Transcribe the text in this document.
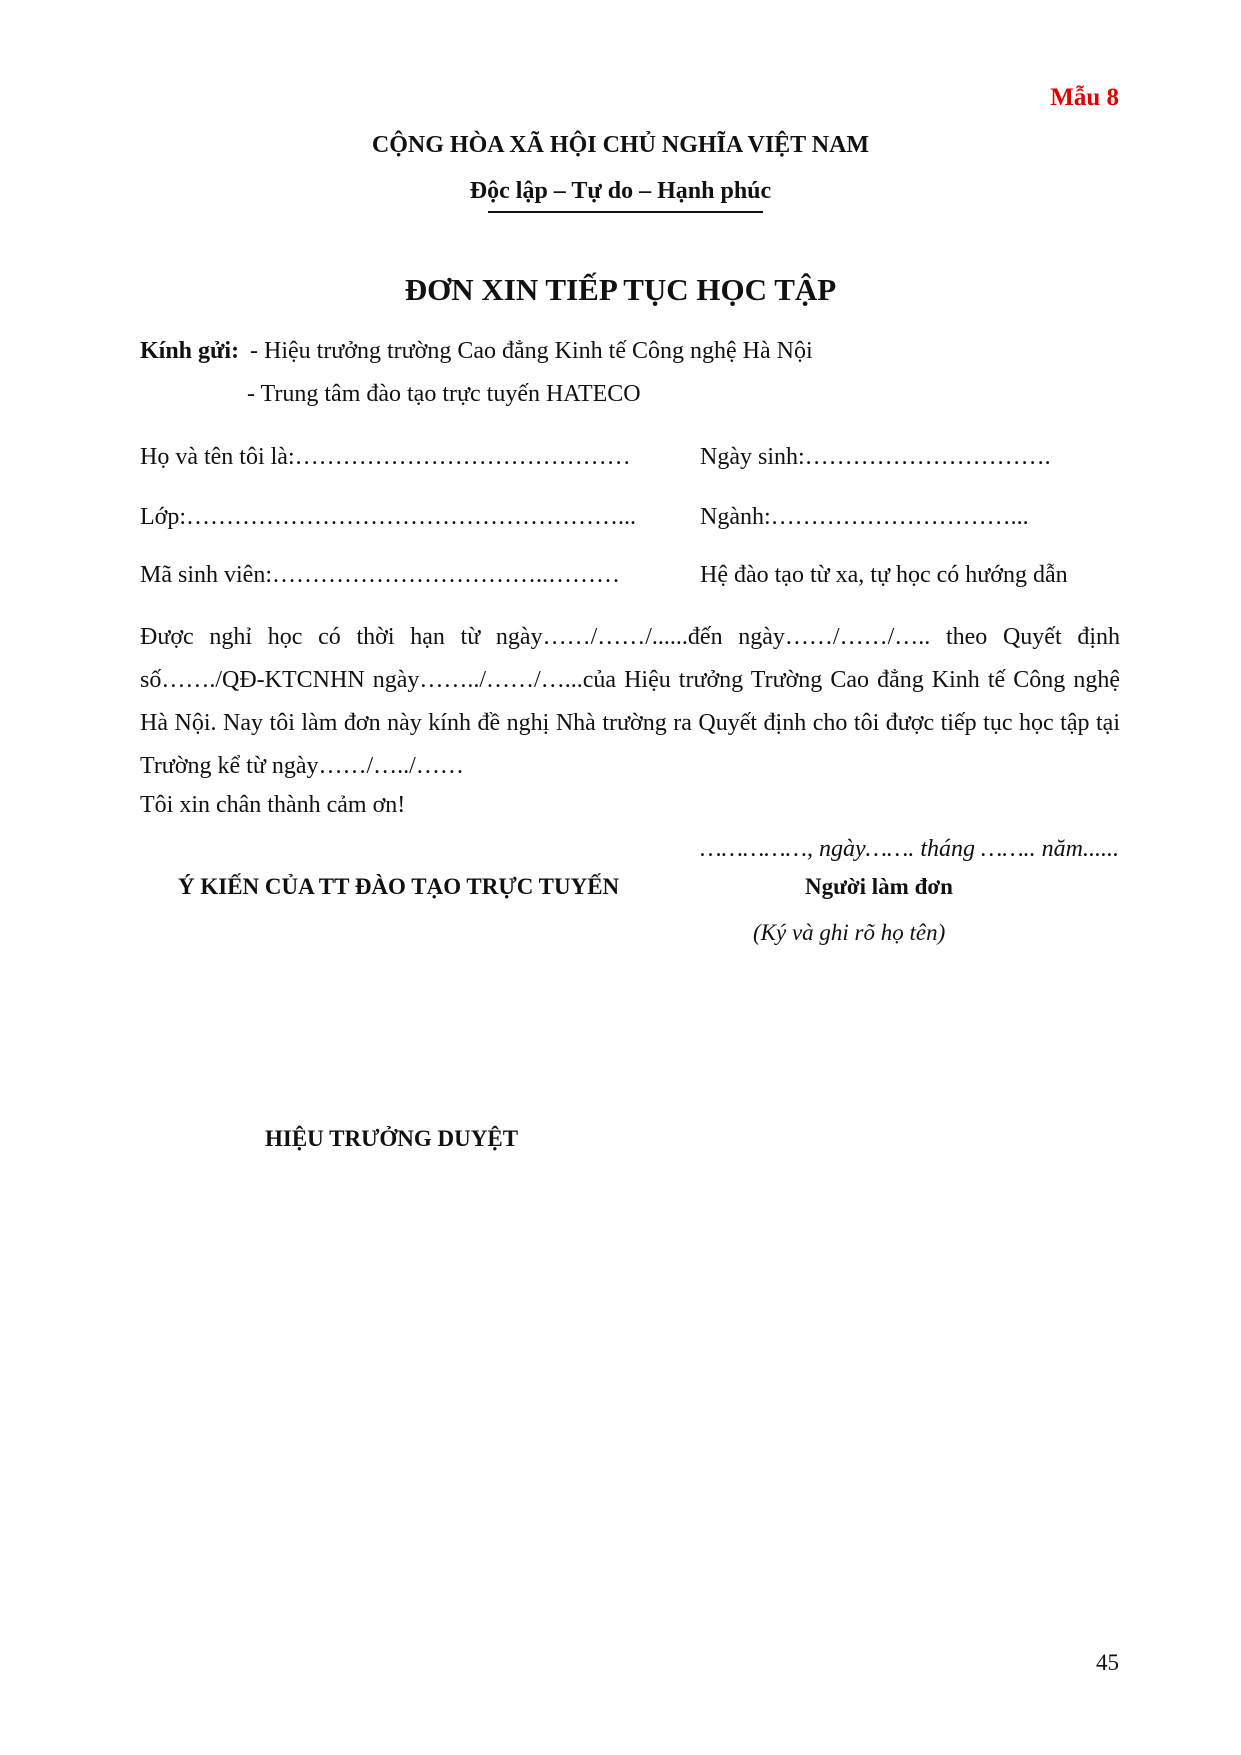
Mẫu 8
CỘNG HÒA XÃ HỘI CHỦ NGHĨA VIỆT NAM
Độc lập – Tự do – Hạnh phúc
ĐƠN XIN TIẾP TỤC HỌC TẬP
Kính gửi: - Hiệu trưởng trường Cao đẳng Kinh tế Công nghệ Hà Nội
- Trung tâm đào tạo trực tuyến HATECO
Họ và tên tôi là:……………………………………	Ngày sinh:………………………….
Lớp:………………………………………………...	Ngành:…………………………...
Mã sinh viên:……………………………..………	Hệ đào tạo từ xa, tự học có hướng dẫn
Được nghỉ học có thời hạn từ ngày……/……/......đến ngày……/……/….. theo Quyết định số……./QĐ-KTCNHN ngày……../……/…...của Hiệu trưởng Trường Cao đẳng Kinh tế Công nghệ Hà Nội. Nay tôi làm đơn này kính đề nghị Nhà trường ra Quyết định cho tôi được tiếp tục học tập tại Trường kể từ ngày……/…../……
Tôi xin chân thành cảm ơn!
……………, ngày……. tháng …….. năm......
Ý KIẾN CỦA TT ĐÀO TẠO TRỰC TUYẾN	Người làm đơn
(Ký và ghi rõ họ tên)
HIỆU TRƯỞNG DUYỆT
45
